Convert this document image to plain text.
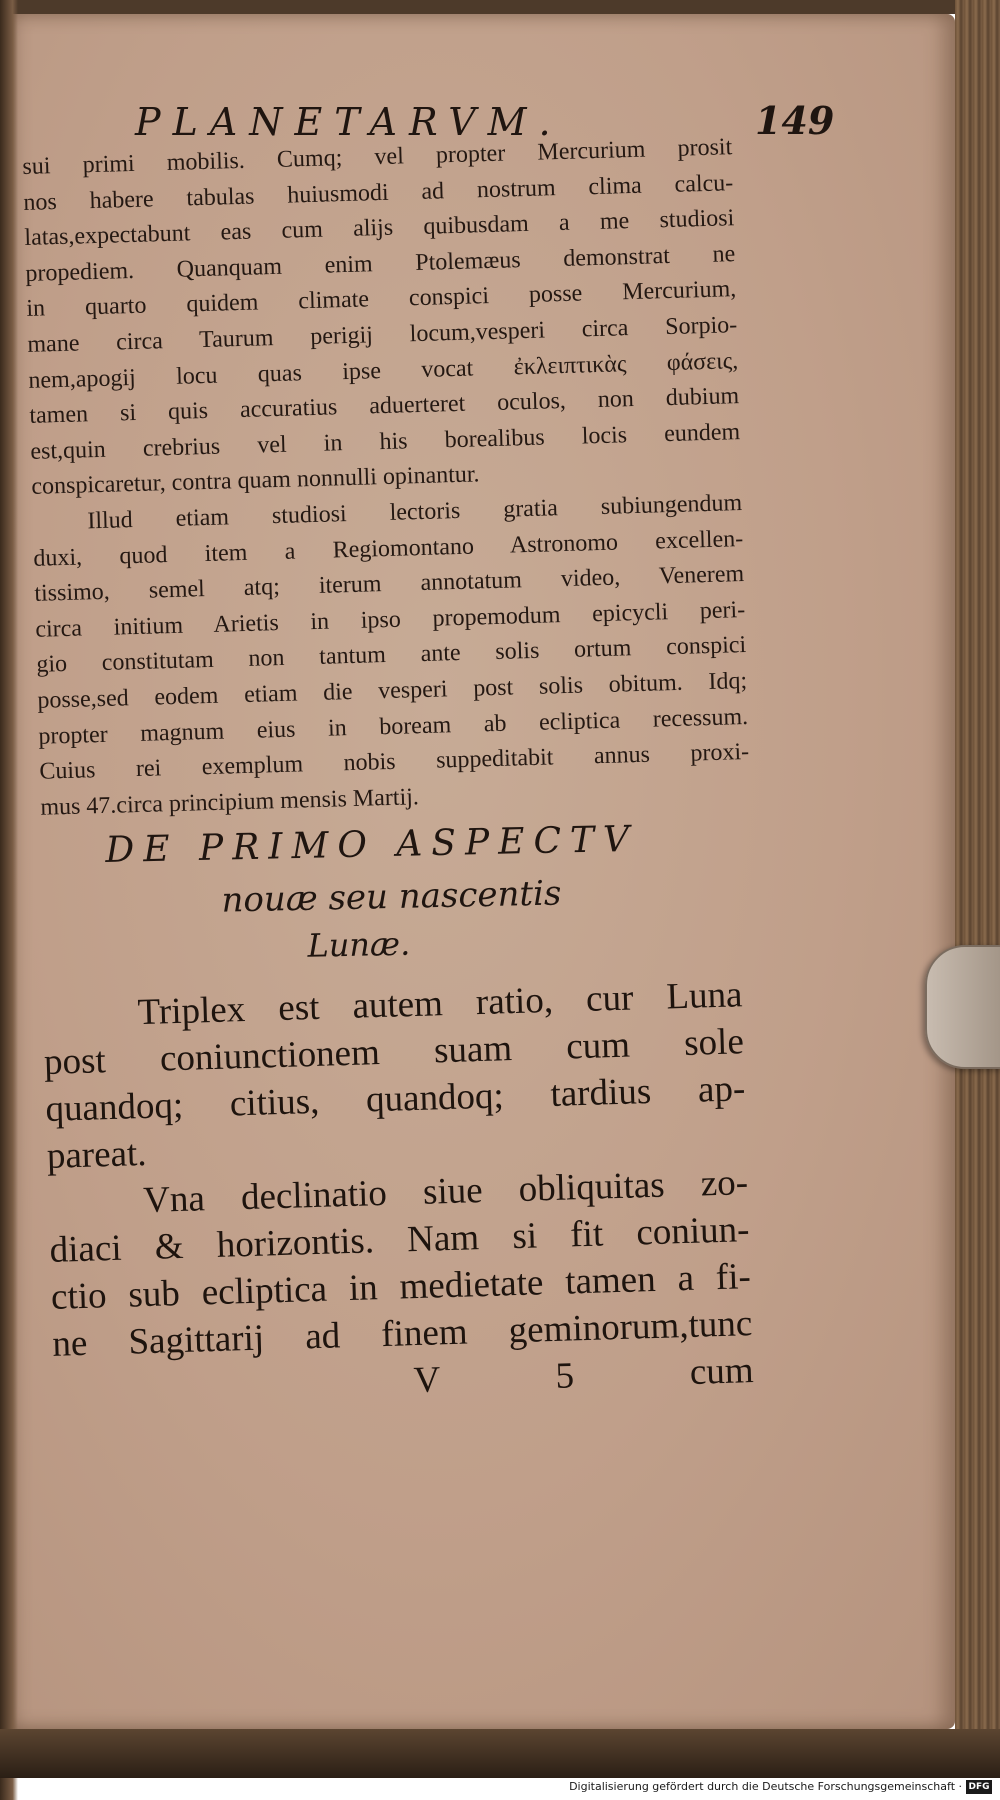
PLANETARVM.	149
sui primi mobilis. Cumq; vel propter Mercurium prosit
nos habere tabulas huiusmodi ad nostrum clima calcu-
latas,expectabunt eas cum alijs quibusdam a me studiosi
propediem. Quanquam enim Ptolemæus demonstrat ne
in quarto quidem climate conspici posse Mercurium,
mane circa Taurum perigij locum,vesperi circa Sorpio-
nem,apogij locu quas ipse vocat ἐκλειπτικὰς φάσεις,
tamen si quis accuratius aduerteret oculos, non dubium
est,quin crebrius vel in his borealibus locis eundem
conspicaretur, contra quam nonnulli opinantur.
Illud etiam studiosi lectoris gratia subiungendum
duxi, quod item a Regiomontano Astronomo excellen-
tissimo, semel atq; iterum annotatum video, Venerem
circa initium Arietis in ipso propemodum epicycli peri-
gio constitutam non tantum ante solis ortum conspici
posse,sed eodem etiam die vesperi post solis obitum. Idq;
propter magnum eius in boream ab ecliptica recessum.
Cuius rei exemplum nobis suppeditabit annus proxi-
mus 47.circa principium mensis Martij.
DE PRIMO ASPECTV
nouæ seu nascentis
Lunæ.
Triplex est autem ratio, cur Luna
post coniunctionem suam cum sole
quandoq; citius, quandoq; tardius ap-
pareat.
Vna declinatio siue obliquitas zo-
diaci & horizontis. Nam si fit coniun-
ctio sub ecliptica in medietate tamen a fi-
ne Sagittarij ad finem geminorum,tunc
V 5 cum
Digitalisierung gefördert durch die Deutsche Forschungsgemeinschaft · DFG
